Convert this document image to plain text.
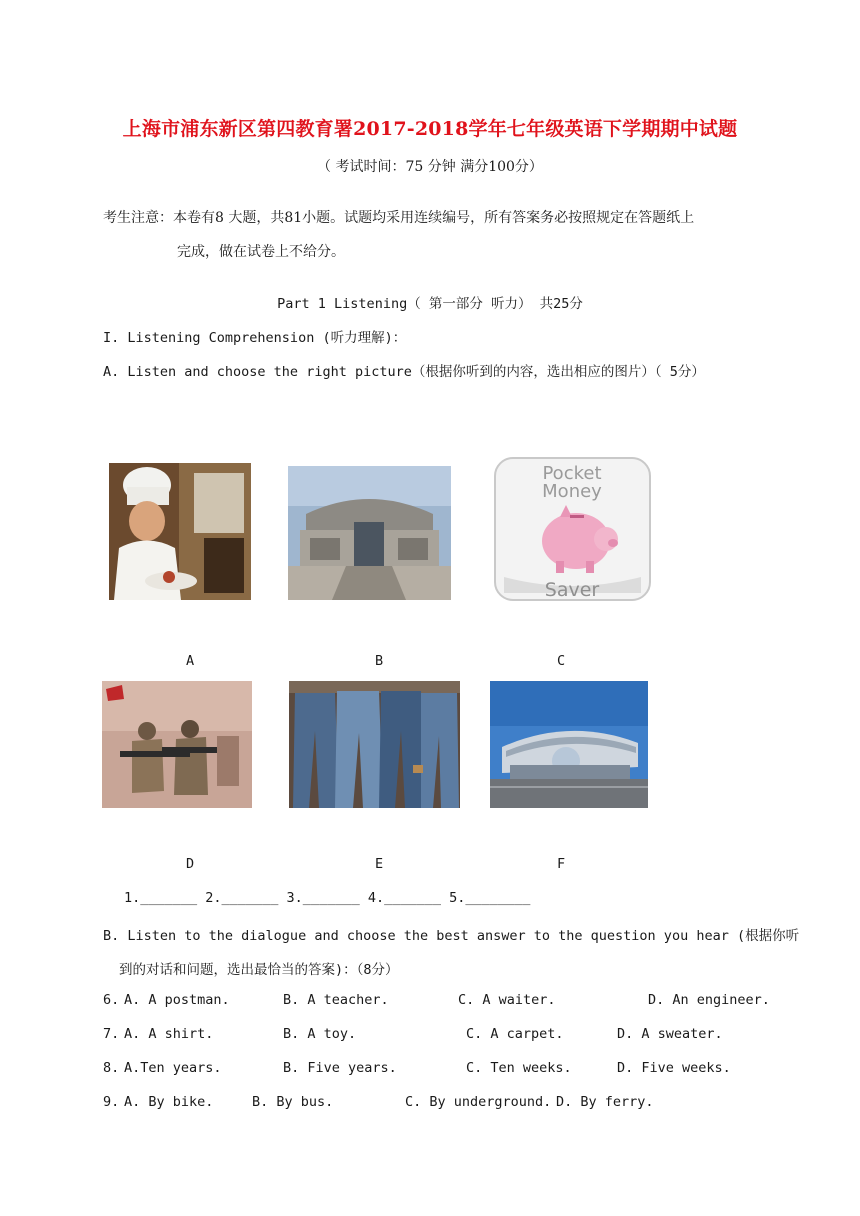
上海市浦东新区第四教育署2017-2018学年七年级英语下学期期中试题
（ 考试时间：75 分钟 满分100分）
考生注意：本卷有8 大题，共81小题。试题均采用连续编号，所有答案务必按照规定在答题纸上
完成，做在试卷上不给分。
Part 1 Listening（ 第一部分 听力） 共25分
I. Listening Comprehension (听力理解)：
A. Listen and choose the right picture（根据你听到的内容，选出相应的图片）（ 5分）
Pocket
Money
Saver
A	B	C
D	E	F
1._______ 2._______ 3._______ 4._______ 5.________
B. Listen to the dialogue and choose the best answer to the question you hear (根据你听
到的对话和问题，选出最恰当的答案)：（8分）
6. A. A postman.	B. A teacher.	C. A waiter.	D. An engineer.
7. A. A shirt.	B. A toy.	C. A carpet.	D. A sweater.
8. A.Ten years.	B. Five years.	C. Ten weeks.	D. Five weeks.
9. A. By bike.	B. By bus.	C. By underground. D. By ferry.
